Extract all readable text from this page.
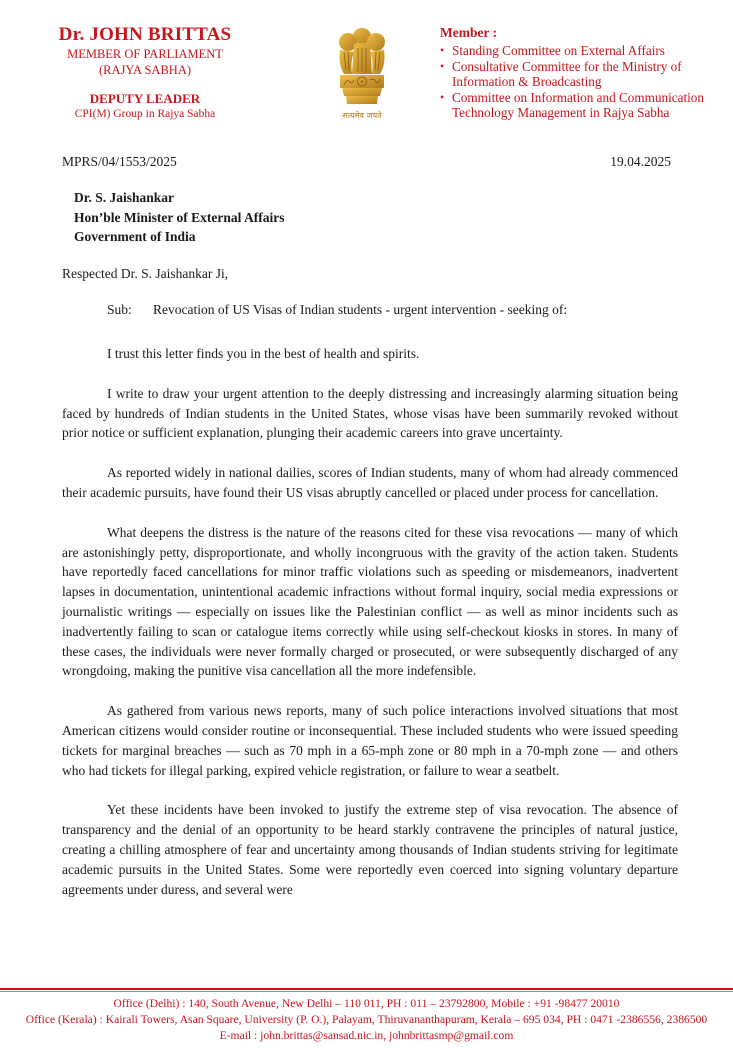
Dr. JOHN BRITTAS
MEMBER OF PARLIAMENT
(RAJYA SABHA)
DEPUTY LEADER
CPI(M) Group in Rajya Sabha	सत्यमेव जयते
Member :
• Standing Committee on External Affairs
• Consultative Committee for the Ministry of Information & Broadcasting
• Committee on Information and Communication Technology Management in Rajya Sabha
MPRS/04/1553/2025	19.04.2025
Dr. S. Jaishankar
Hon’ble Minister of External Affairs
Government of India
Respected Dr. S. Jaishankar Ji,
Sub: Revocation of US Visas of Indian students - urgent intervention - seeking of:

I trust this letter finds you in the best of health and spirits.

I write to draw your urgent attention to the deeply distressing and increasingly alarming situation being faced by hundreds of Indian students in the United States, whose visas have been summarily revoked without prior notice or sufficient explanation, plunging their academic careers into grave uncertainty.

As reported widely in national dailies, scores of Indian students, many of whom had already commenced their academic pursuits, have found their US visas abruptly cancelled or placed under process for cancellation.

What deepens the distress is the nature of the reasons cited for these visa revocations — many of which are astonishingly petty, disproportionate, and wholly incongruous with the gravity of the action taken. Students have reportedly faced cancellations for minor traffic violations such as speeding or misdemeanors, inadvertent lapses in documentation, unintentional academic infractions without formal inquiry, social media expressions or journalistic writings — especially on issues like the Palestinian conflict — as well as minor incidents such as inadvertently failing to scan or catalogue items correctly while using self-checkout kiosks in stores. In many of these cases, the individuals were never formally charged or prosecuted, or were subsequently discharged of any wrongdoing, making the punitive visa cancellation all the more indefensible.

As gathered from various news reports, many of such police interactions involved situations that most American citizens would consider routine or inconsequential. These included students who were issued speeding tickets for marginal breaches — such as 70 mph in a 65-mph zone or 80 mph in a 70-mph zone — and others who had tickets for illegal parking, expired vehicle registration, or failure to wear a seatbelt.

Yet these incidents have been invoked to justify the extreme step of visa revocation. The absence of transparency and the denial of an opportunity to be heard starkly contravene the principles of natural justice, creating a chilling atmosphere of fear and uncertainty among thousands of Indian students striving for legitimate academic pursuits in the United States. Some were reportedly even coerced into signing voluntary departure agreements under duress, and several were

Office (Delhi) : 140, South Avenue, New Delhi – 110 011, PH : 011 – 23792800, Mobile : +91 -98477 20010
Office (Kerala) : Kairali Towers, Asan Square, University (P. O.), Palayam, Thiruvananthapuram, Kerala – 695 034, PH : 0471 -2386556, 2386500
E-mail : john.brittas@sansad.nic.in, johnbrittasmp@gmail.com
